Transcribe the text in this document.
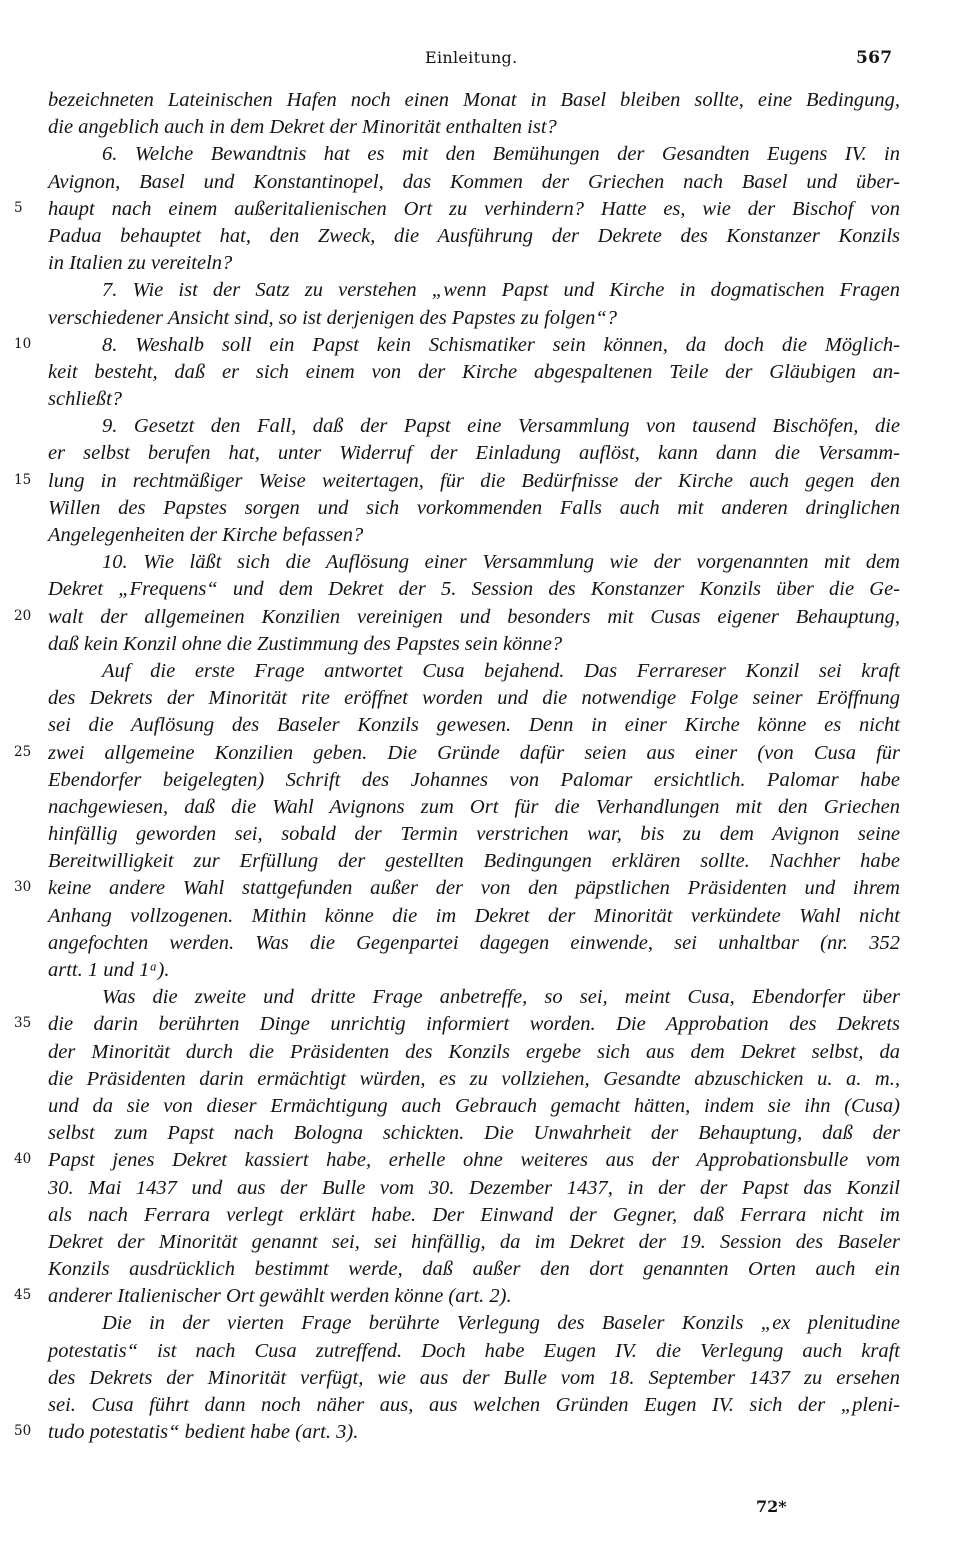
Einleitung.	567
bezeichneten Lateinischen Hafen noch einen Monat in Basel bleiben sollte, eine Bedingung,
die angeblich auch in dem Dekret der Minorität enthalten ist?
6. Welche Bewandtnis hat es mit den Bemühungen der Gesandten Eugens IV. in
Avignon, Basel und Konstantinopel, das Kommen der Griechen nach Basel und über-
5	haupt nach einem außeritalienischen Ort zu verhindern? Hatte es, wie der Bischof von
Padua behauptet hat, den Zweck, die Ausführung der Dekrete des Konstanzer Konzils
in Italien zu vereiteln?
7. Wie ist der Satz zu verstehen „wenn Papst und Kirche in dogmatischen Fragen
verschiedener Ansicht sind, so ist derjenigen des Papstes zu folgen“?
10	8. Weshalb soll ein Papst kein Schismatiker sein können, da doch die Möglich-
keit besteht, daß er sich einem von der Kirche abgespaltenen Teile der Gläubigen an-
schließt?
9. Gesetzt den Fall, daß der Papst eine Versammlung von tausend Bischöfen, die
er selbst berufen hat, unter Widerruf der Einladung auflöst, kann dann die Versamm-
15 lung in rechtmäßiger Weise weitertagen, für die Bedürfnisse der Kirche auch gegen den
Willen des Papstes sorgen und sich vorkommenden Falls auch mit anderen dringlichen
Angelegenheiten der Kirche befassen?
10. Wie läßt sich die Auflösung einer Versammlung wie der vorgenannten mit dem
Dekret „Frequens“ und dem Dekret der 5. Session des Konstanzer Konzils über die Ge-
20 walt der allgemeinen Konzilien vereinigen und besonders mit Cusas eigener Behauptung,
daß kein Konzil ohne die Zustimmung des Papstes sein könne?
Auf die erste Frage antwortet Cusa bejahend. Das Ferrareser Konzil sei kraft
des Dekrets der Minorität rite eröffnet worden und die notwendige Folge seiner Eröffnung
sei die Auflösung des Baseler Konzils gewesen. Denn in einer Kirche könne es nicht
25 zwei allgemeine Konzilien geben. Die Gründe dafür seien aus einer (von Cusa für
Ebendorfer beigelegten) Schrift des Johannes von Palomar ersichtlich. Palomar habe
nachgewiesen, daß die Wahl Avignons zum Ort für die Verhandlungen mit den Griechen
hinfällig geworden sei, sobald der Termin verstrichen war, bis zu dem Avignon seine
Bereitwilligkeit zur Erfüllung der gestellten Bedingungen erklären sollte. Nachher habe
30 keine andere Wahl stattgefunden außer der von den päpstlichen Präsidenten und ihrem
Anhang vollzogenen. Mithin könne die im Dekret der Minorität verkündete Wahl nicht
angefochten werden. Was die Gegenpartei dagegen einwende, sei unhaltbar (nr. 352
artt. 1 und 1ᵃ).
Was die zweite und dritte Frage anbetreffe, so sei, meint Cusa, Ebendorfer über
35 die darin berührten Dinge unrichtig informiert worden. Die Approbation des Dekrets
der Minorität durch die Präsidenten des Konzils ergebe sich aus dem Dekret selbst, da
die Präsidenten darin ermächtigt würden, es zu vollziehen, Gesandte abzuschicken u. a. m.,
und da sie von dieser Ermächtigung auch Gebrauch gemacht hätten, indem sie ihn (Cusa)
selbst zum Papst nach Bologna schickten. Die Unwahrheit der Behauptung, daß der
40 Papst jenes Dekret kassiert habe, erhelle ohne weiteres aus der Approbationsbulle vom
30. Mai 1437 und aus der Bulle vom 30. Dezember 1437, in der der Papst das Konzil
als nach Ferrara verlegt erklärt habe. Der Einwand der Gegner, daß Ferrara nicht im
Dekret der Minorität genannt sei, sei hinfällig, da im Dekret der 19. Session des Baseler
Konzils ausdrücklich bestimmt werde, daß außer den dort genannten Orten auch ein
45 anderer Italienischer Ort gewählt werden könne (art. 2).
Die in der vierten Frage berührte Verlegung des Baseler Konzils „ex plenitudine
potestatis“ ist nach Cusa zutreffend. Doch habe Eugen IV. die Verlegung auch kraft
des Dekrets der Minorität verfügt, wie aus der Bulle vom 18. September 1437 zu ersehen
sei. Cusa führt dann noch näher aus, aus welchen Gründen Eugen IV. sich der „pleni-
50 tudo potestatis“ bedient habe (art. 3).
72*
